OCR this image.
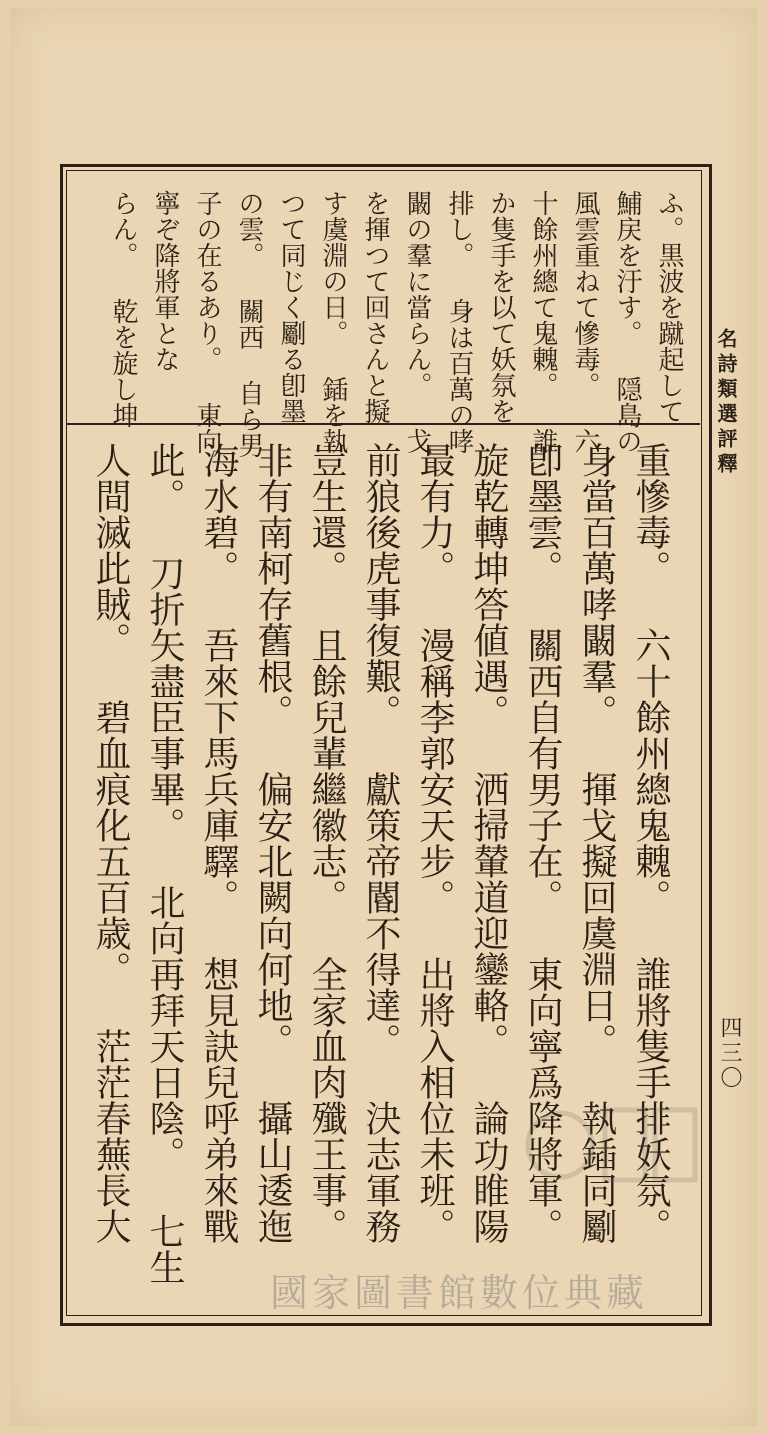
名詩類選評釋
四三〇
ふ。黒波を蹴起して
鯆戻を汙す。 隠島の
風雲重ねて慘毒。 六
十餘州總て鬼䰤。 誰
か隻手を以て妖氛を
排し。 身は百萬の哮
闞の羣に當らん。 戈
を揮つて回さんと擬
す虞淵の日。 鍤を執
つて同じく劚る卽墨
の雲。 關西 自ら男
子の在るあり。 東向
寧ぞ降將軍とな
らん。 乾を旋し坤
重慘毒。 六十餘州總鬼䰤。 誰將隻手排妖氛。
身當百萬哮闞羣。 揮戈擬回虞淵日。 執鍤同劚
卽墨雲。 關西自有男子在。 東向寧爲降將軍。
旋乾轉坤答値遇。 洒掃輦道迎鑾輅。 論功睢陽
最有力。 漫稱李郭安天步。 出將入相位未班。
前狼後虎事復艱。 獻策帝閽不得達。 決志軍務
豈生還。 且餘兒輩繼徽志。 全家血肉殲王事。
非有南柯存舊根。 偏安北闕向何地。 攝山逶迤
海水碧。 吾來下馬兵庫驛。 想見訣兒呼弟來戰
此。 刀折矢盡臣事畢。 北向再拜天日陰。 七生
人間滅此賊。 碧血痕化五百歳。 茫茫春蕪長大
國家圖書館數位典藏
